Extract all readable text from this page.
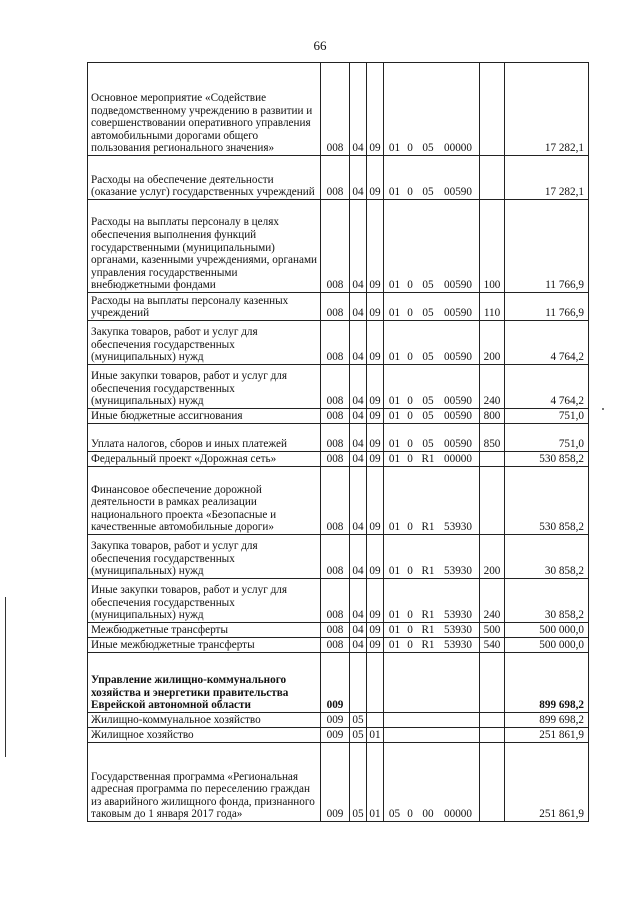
66
Основное мероприятие «Содействие подведомственному учреждению в развитии и совершенствовании оперативного управления автомобильными дорогами общего пользования регионального значения»	008	04	09	01 0 05 00000		17 282,1
Расходы на обеспечение деятельности (оказание услуг) государственных учреждений	008	04	09	01 0 05 00590		17 282,1
Расходы на выплаты персоналу в целях обеспечения выполнения функций государственными (муниципальными) органами, казенными учреждениями, органами управления государственными внебюджетными фондами	008	04	09	01 0 05 00590	100	11 766,9
Расходы на выплаты персоналу казенных учреждений	008	04	09	01 0 05 00590	110	11 766,9
Закупка товаров, работ и услуг для обеспечения государственных (муниципальных) нужд	008	04	09	01 0 05 00590	200	4 764,2
Иные закупки товаров, работ и услуг для обеспечения государственных (муниципальных) нужд	008	04	09	01 0 05 00590	240	4 764,2
Иные бюджетные ассигнования	008	04	09	01 0 05 00590	800	751,0
Уплата налогов, сборов и иных платежей	008	04	09	01 0 05 00590	850	751,0
Федеральный проект «Дорожная сеть»	008	04	09	01 0 R1 00000		530 858,2
Финансовое обеспечение дорожной деятельности в рамках реализации национального проекта «Безопасные и качественные автомобильные дороги»	008	04	09	01 0 R1 53930		530 858,2
Закупка товаров, работ и услуг для обеспечения государственных (муниципальных) нужд	008	04	09	01 0 R1 53930	200	30 858,2
Иные закупки товаров, работ и услуг для обеспечения государственных (муниципальных) нужд	008	04	09	01 0 R1 53930	240	30 858,2
Межбюджетные трансферты	008	04	09	01 0 R1 53930	500	500 000,0
Иные межбюджетные трансферты	008	04	09	01 0 R1 53930	540	500 000,0
Управление жилищно-коммунального хозяйства и энергетики правительства Еврейской автономной области	009					899 698,2
Жилищно-коммунальное хозяйство	009	05				899 698,2
Жилищное хозяйство	009	05	01			251 861,9
Государственная программа «Региональная адресная программа по переселению граждан из аварийного жилищного фонда, признанного таковым до 1 января 2017 года»	009	05	01	05 0 00 00000		251 861,9
